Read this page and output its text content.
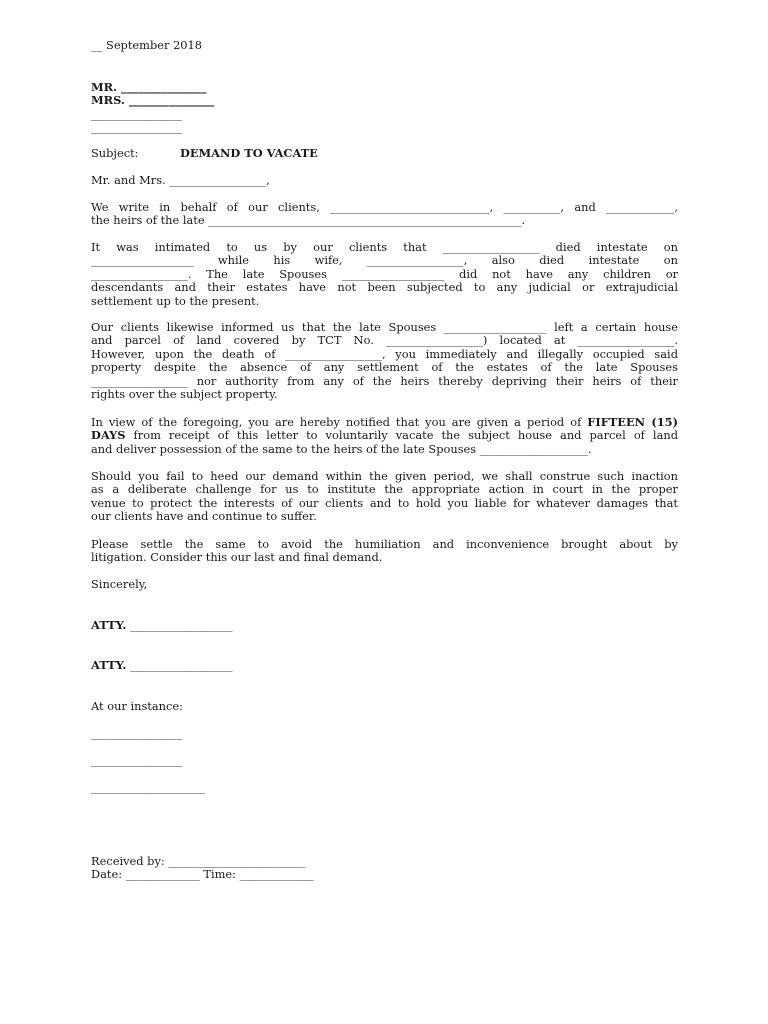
__ September 2018

MR. _______________

MRS. _______________

________________

________________

Subject:	DEMAND TO VACATE

Mr. and Mrs. _________________,

We write in behalf of our clients, ____________________________, __________, and ____________,
the heirs of the late _______________________________________________________.
It was intimated to us by our clients that _________________ died intestate on
__________________ while his wife, _________________, also died intestate on
_________________. The late Spouses __________________ did not have any children or
descendants and their estates have not been subjected to any judicial or extrajudicial
settlement up to the present.
Our clients likewise informed us that the late Spouses __________________ left a certain house
and parcel of land covered by TCT No. _________________) located at _________________.
However, upon the death of _________________, you immediately and illegally occupied said
property despite the absence of any settlement of the estates of the late Spouses
_________________ nor authority from any of the heirs thereby depriving their heirs of their
rights over the subject property.
In view of the foregoing, you are hereby notified that you are given a period of FIFTEEN (15)
DAYS from receipt of this letter to voluntarily vacate the subject house and parcel of land
and deliver possession of the same to the heirs of the late Spouses ___________________.
Should you fail to heed our demand within the given period, we shall construe such inaction
as a deliberate challenge for us to institute the appropriate action in court in the proper
venue to protect the interests of our clients and to hold you liable for whatever damages that
our clients have and continue to suffer.
Please settle the same to avoid the humiliation and inconvenience brought about by
litigation. Consider this our last and final demand.

Sincerely,

ATTY. __________________

ATTY. __________________

At our instance:

________________

________________

____________________

Received by: ________________________

Date: _____________ Time: _____________
